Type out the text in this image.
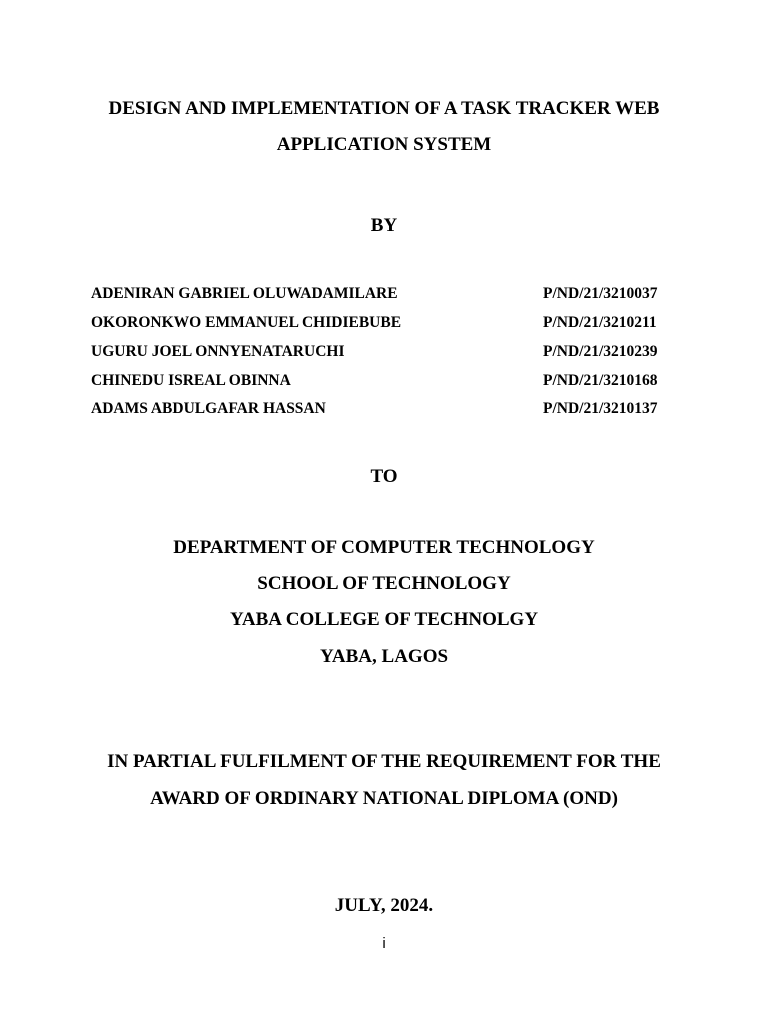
DESIGN AND IMPLEMENTATION OF A TASK TRACKER WEB
APPLICATION SYSTEM
BY
ADENIRAN GABRIEL OLUWADAMILARE	P/ND/21/3210037
OKORONKWO EMMANUEL CHIDIEBUBE	P/ND/21/3210211
UGURU JOEL ONNYENATARUCHI	P/ND/21/3210239
CHINEDU ISREAL OBINNA	P/ND/21/3210168
ADAMS ABDULGAFAR HASSAN	P/ND/21/3210137
TO
DEPARTMENT OF COMPUTER TECHNOLOGY
SCHOOL OF TECHNOLOGY
YABA COLLEGE OF TECHNOLGY
YABA, LAGOS
IN PARTIAL FULFILMENT OF THE REQUIREMENT FOR THE
AWARD OF ORDINARY NATIONAL DIPLOMA (OND)
JULY, 2024.
i
